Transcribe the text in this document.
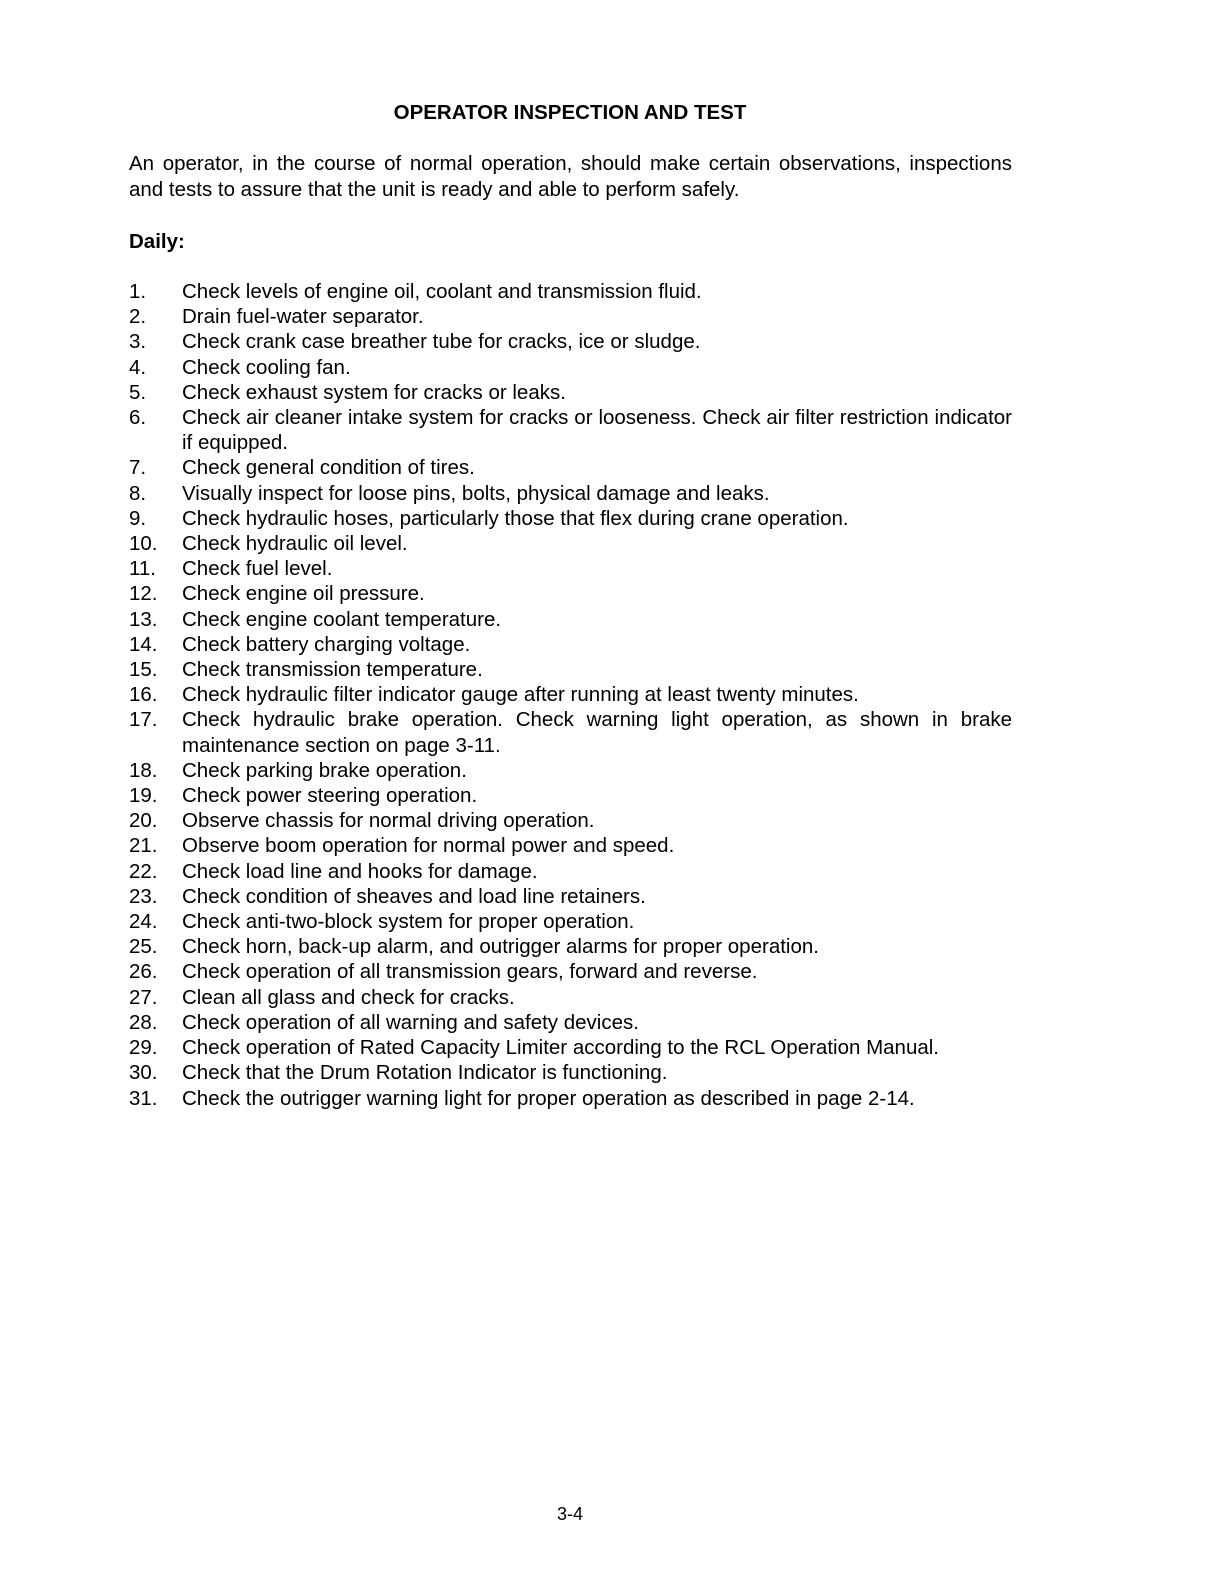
OPERATOR INSPECTION AND TEST

An operator, in the course of normal operation, should make certain observations, inspections and tests to assure that the unit is ready and able to perform safely.

Daily:

1.	Check levels of engine oil, coolant and transmission fluid.
2.	Drain fuel-water separator.
3.	Check crank case breather tube for cracks, ice or sludge.
4.	Check cooling fan.
5.	Check exhaust system for cracks or leaks.
6.	Check air cleaner intake system for cracks or looseness. Check air filter restriction indicator if equipped.
7.	Check general condition of tires.
8.	Visually inspect for loose pins, bolts, physical damage and leaks.
9.	Check hydraulic hoses, particularly those that flex during crane operation.
10.	Check hydraulic oil level.
11.	Check fuel level.
12.	Check engine oil pressure.
13.	Check engine coolant temperature.
14.	Check battery charging voltage.
15.	Check transmission temperature.
16.	Check hydraulic filter indicator gauge after running at least twenty minutes.
17.	Check hydraulic brake operation. Check warning light operation, as shown in brake maintenance section on page 3-11.
18.	Check parking brake operation.
19.	Check power steering operation.
20.	Observe chassis for normal driving operation.
21.	Observe boom operation for normal power and speed.
22.	Check load line and hooks for damage.
23.	Check condition of sheaves and load line retainers.
24.	Check anti-two-block system for proper operation.
25.	Check horn, back-up alarm, and outrigger alarms for proper operation.
26.	Check operation of all transmission gears, forward and reverse.
27.	Clean all glass and check for cracks.
28.	Check operation of all warning and safety devices.
29.	Check operation of Rated Capacity Limiter according to the RCL Operation Manual.
30.	Check that the Drum Rotation Indicator is functioning.
31.	Check the outrigger warning light for proper operation as described in page 2-14.

3-4
